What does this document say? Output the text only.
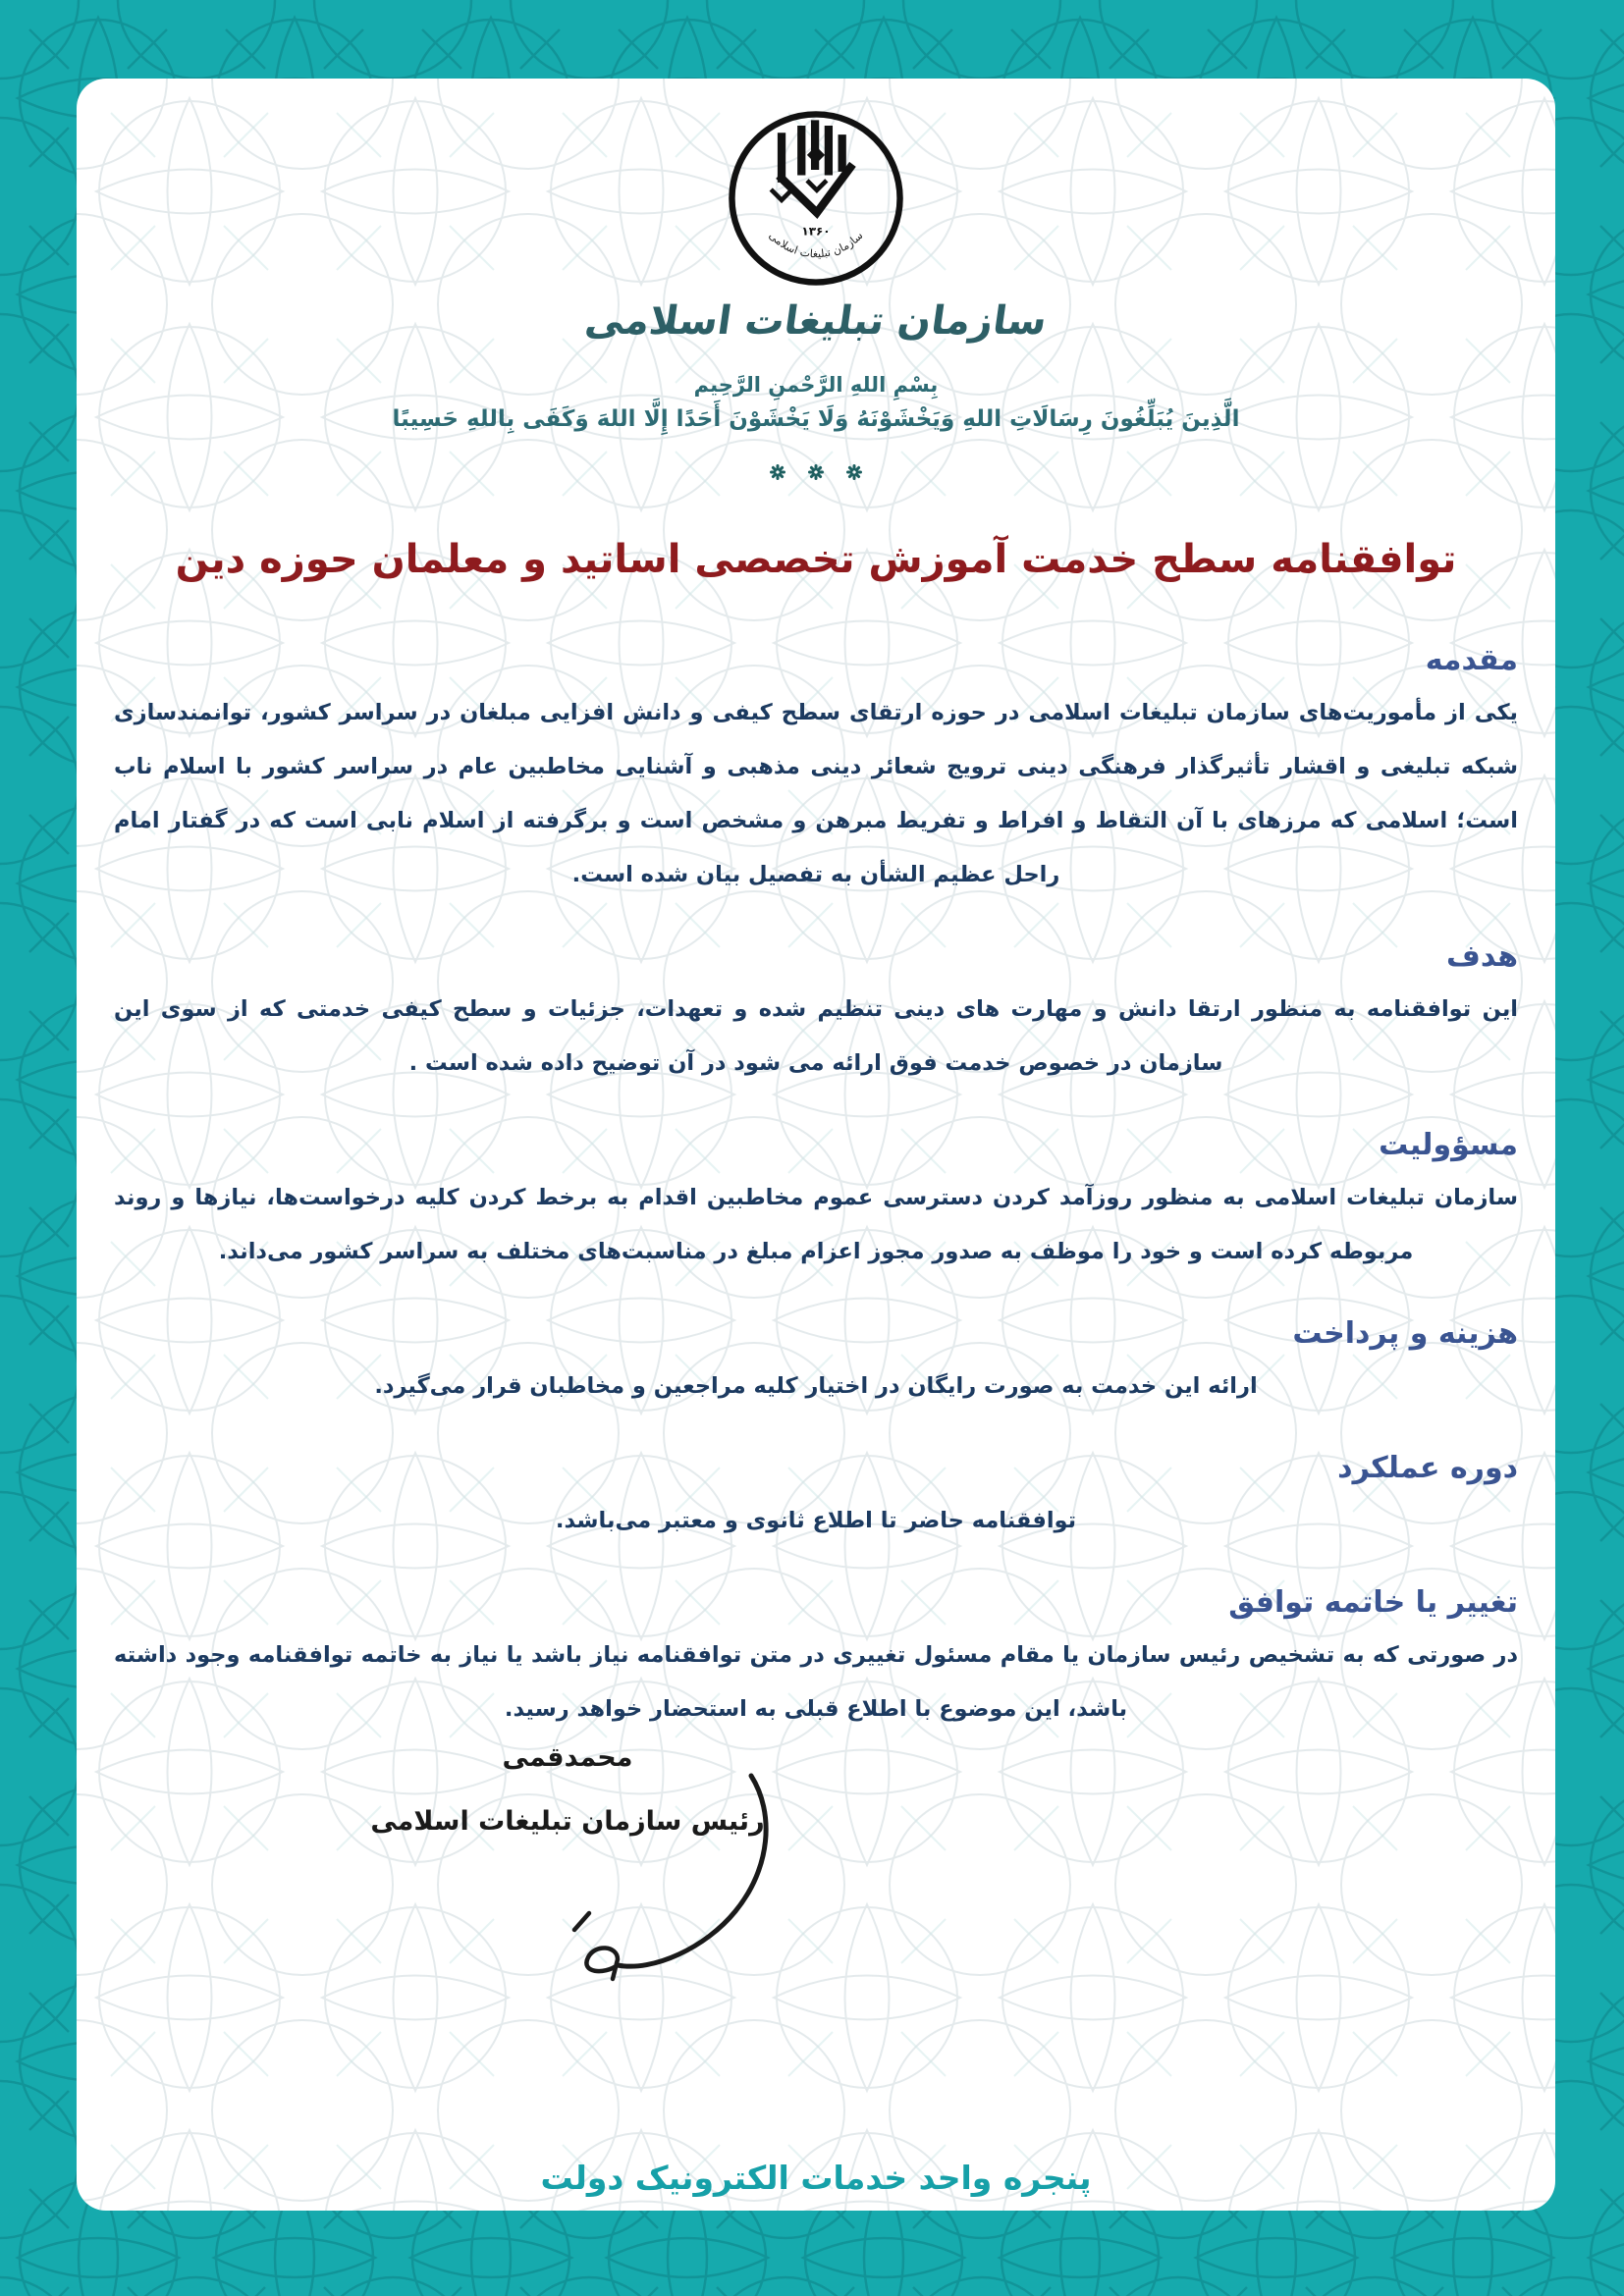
۱۳۶۰
سازمان تبلیغات اسلامی
سازمان تبلیغات اسلامی
بِسْمِ اللهِ الرَّحْمنِ الرَّحِيم
الَّذِينَ يُبَلِّغُونَ رِسَالَاتِ اللهِ وَيَخْشَوْنَهُ وَلَا يَخْشَوْنَ أَحَدًا إِلَّا اللهَ وَكَفَى بِاللهِ حَسِيبًا

توافقنامه سطح خدمت آموزش تخصصی اساتید و معلمان حوزه دین
مقدمه

یکی از مأموریت‌های سازمان تبلیغات اسلامی در حوزه ارتقای سطح کیفی و دانش افزایی مبلغان در سراسر کشور، توانمندسازی شبکه تبلیغی و اقشار تأثیرگذار فرهنگی دینی ترویج شعائر دینی مذهبی و آشنایی مخاطبین عام در سراسر کشور با اسلام ناب است؛ اسلامی که مرزهای با آن التقاط و افراط و تفریط مبرهن و مشخص است و برگرفته از اسلام نابی است که در گفتار امام راحل عظیم الشأن به تفصیل بیان شده است.

هدف

این توافقنامه به منظور ارتقا دانش و مهارت های دینی تنظیم شده و تعهدات، جزئیات و سطح کیفی خدمتی که از سوی این سازمان در خصوص خدمت فوق ارائه می شود در آن توضیح داده شده است .

مسؤولیت

سازمان تبلیغات اسلامی به منظور روزآمد کردن دسترسی عموم مخاطبین اقدام به برخط کردن کلیه درخواست‌ها، نیازها و روند مربوطه کرده است و خود را موظف به صدور مجوز اعزام مبلغ در مناسبت‌های مختلف به سراسر کشور می‌داند.

هزینه و پرداخت

ارائه این خدمت به صورت رایگان در اختیار کلیه مراجعین و مخاطبان قرار می‌گیرد.

دوره عملکرد

توافقنامه حاضر تا اطلاع ثانوی و معتبر می‌باشد.

تغییر یا خاتمه توافق

در صورتی که به تشخیص رئیس سازمان یا مقام مسئول تغییری در متن توافقنامه نیاز باشد یا نیاز به خاتمه توافقنامه وجود داشته باشد، این موضوع با اطلاع قبلی به استحضار خواهد رسید.

محمدقمی
رئیس سازمان تبلیغات اسلامی
پنجره واحد خدمات الکترونیک دولت
